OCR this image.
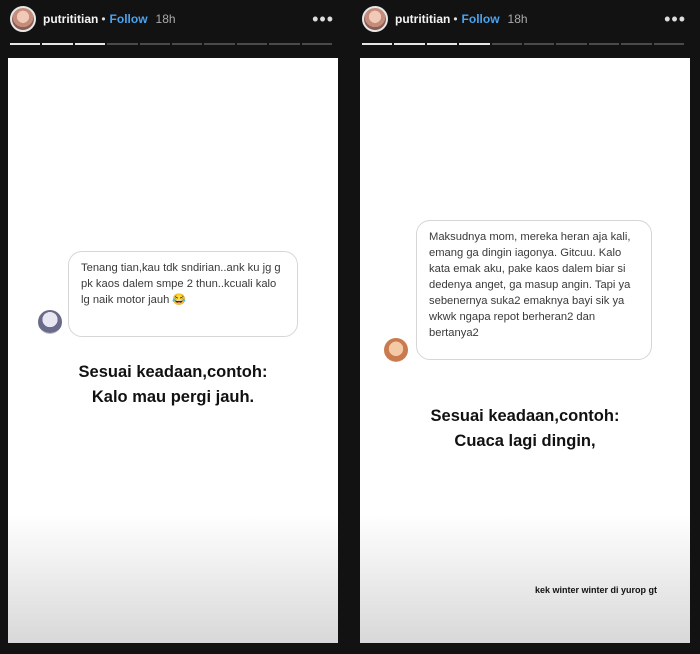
putrititian • Follow 18h	•••
Tenang tian,kau tdk sndirian..ank ku jg g pk kaos dalem smpe 2 thun..kcuali kalo lg naik motor jauh 😂
Sesuai keadaan,contoh:
Kalo mau pergi jauh.
putrititian • Follow 18h	•••
Maksudnya mom, mereka heran aja kali, emang ga dingin iagonya. Gitcuu. Kalo kata emak aku, pake kaos dalem biar si dedenya anget, ga masup angin. Tapi ya sebenernya suka2 emaknya bayi sik ya wkwk ngapa repot berheran2 dan bertanya2
Sesuai keadaan,contoh:
Cuaca lagi dingin,
kek winter winter di yurop gt
